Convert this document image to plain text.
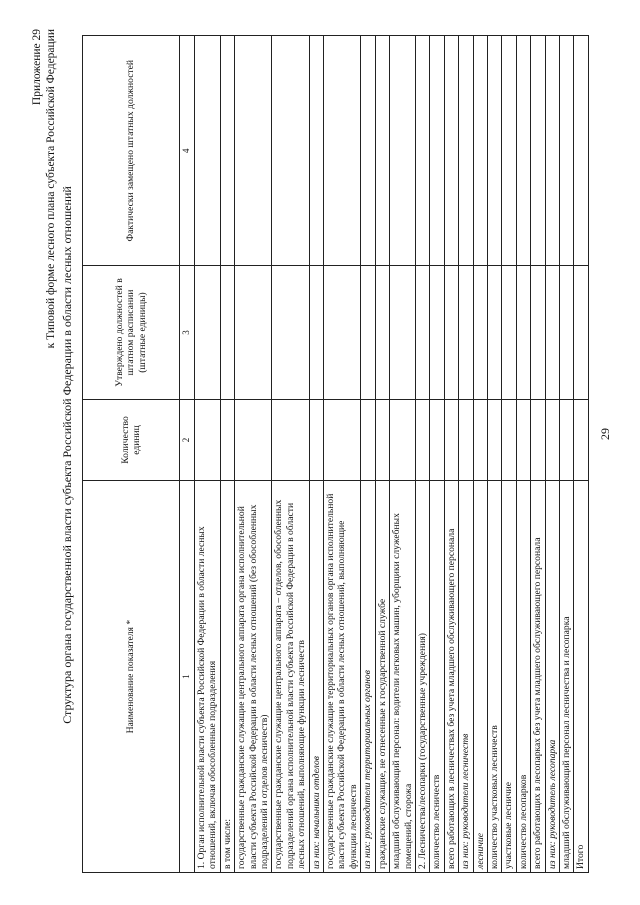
29
Приложение 29 к Типовой форме лесного плана субъекта Российской Федерации Структура органа государственной власти субъекта Российской Федерации в области лесных отношений	Наименование показателя *	Количество единиц	Утверждено должностей в штатном расписании (штатные единицы)	Фактически замещено штатных должностей
1	2	3	4
1. Орган исполнительной власти субъекта Российской Федерации в области лесных отношений, включая обособленные подразделения			
в том числе:			
государственные гражданские служащие центрального аппарата органа исполнительной власти субъекта Российской Федерации в области лесных отношений (без обособленных подразделений и отделов лесничеств)			
государственные гражданские служащие центрального аппарата – отделов, обособленных подразделений органа исполнительной власти субъекта Российской Федерации в области лесных отношений, выполняющие функции лесничеств			
из них: начальники отделов			
государственные гражданские служащие территориальных органов органа исполнительной власти субъекта Российской Федерации в области лесных отношений, выполняющие функции лесничеств			
из них: руководители территориальных органов			
гражданские служащие, не отнесенные к государственной службе			
младший обслуживающий персонал: водители легковых машин, уборщики служебных помещений, сторожа			
2. Лесничества/лесопарки (государственные учреждения)			
количество лесничеств			
всего работающих в лесничествах без учета младшего обслуживающего персонала			
из них: руководители лесничеств			
лесничие			
количество участковых лесничеств			
участковые лесничие			
количество лесопарков			
всего работающих в лесопарках без учета младшего обслуживающего персонала			
из них: руководитель лесопарка			
младший обслуживающий персонал лесничества и лесопарка			
Итого			
